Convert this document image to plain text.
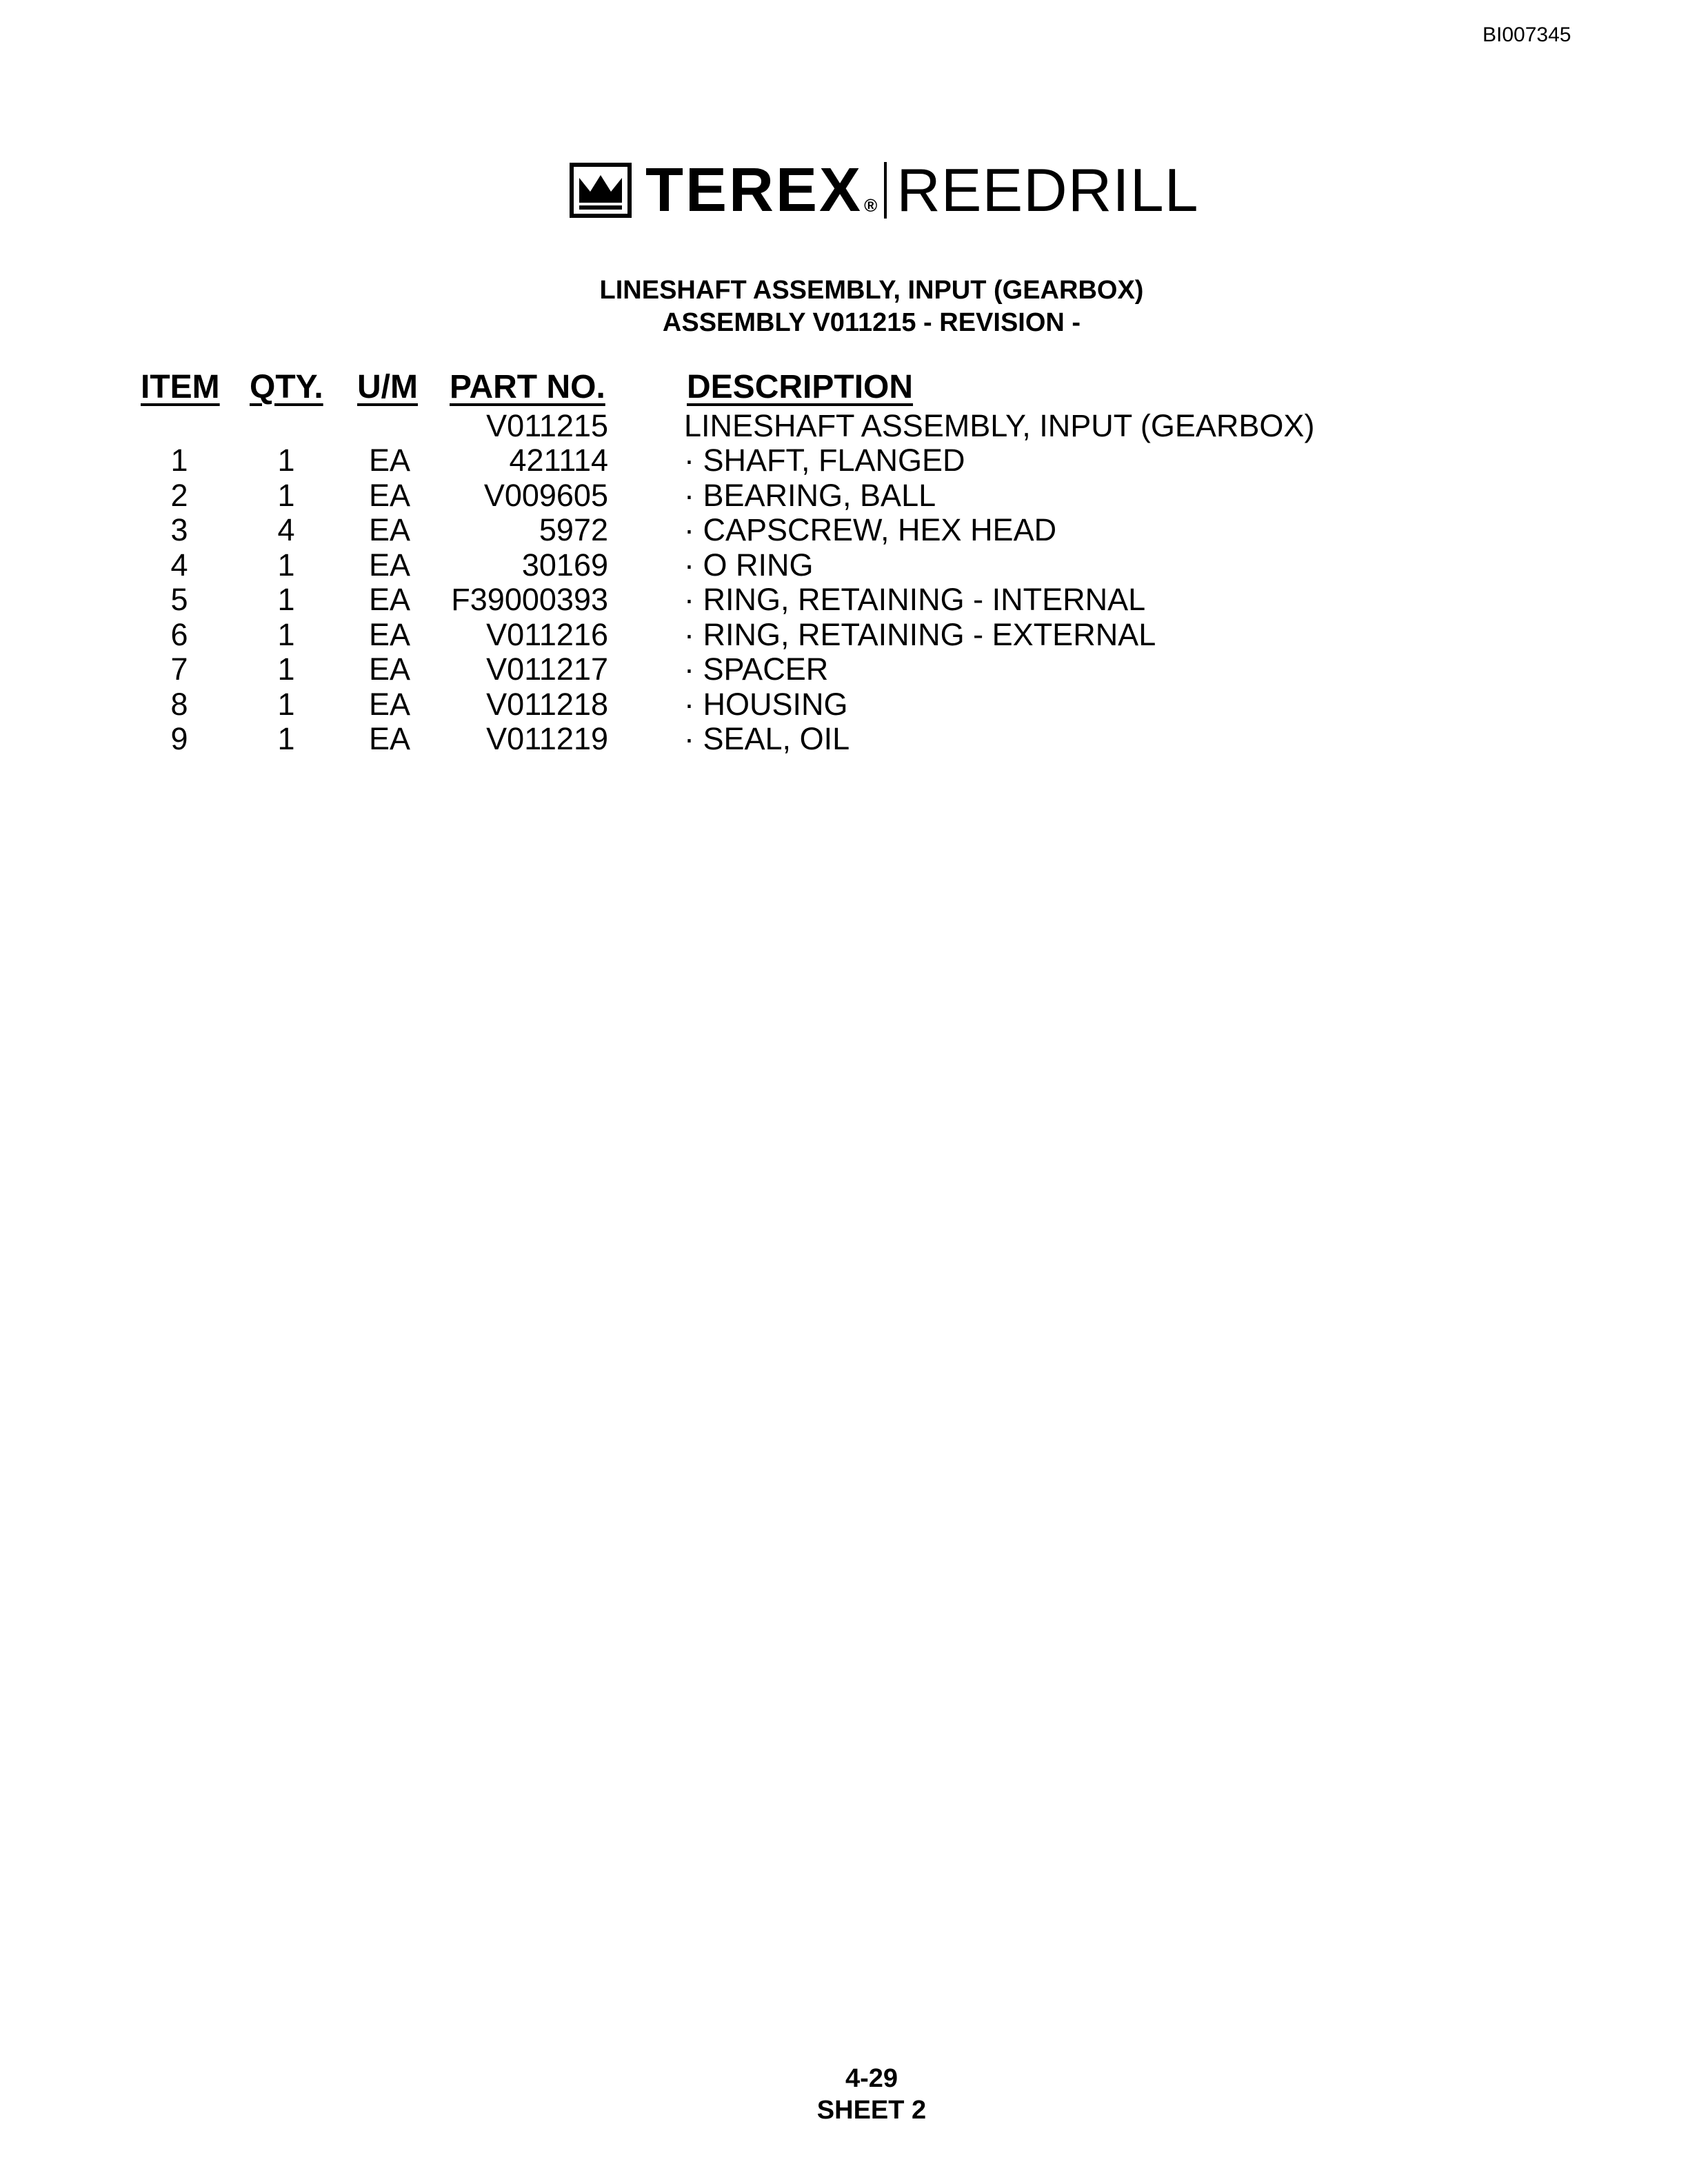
BI007345
TEREX ® REEDRILL
LINESHAFT ASSEMBLY, INPUT (GEARBOX)
ASSEMBLY V011215 - REVISION -
ITEM QTY. U/M PART NO. DESCRIPTION
V011215 LINESHAFT ASSEMBLY, INPUT (GEARBOX)
1	1	EA	421114 · SHAFT, FLANGED
2	1	EA	V009605 · BEARING, BALL
3	4	EA	5972 · CAPSCREW, HEX HEAD
4	1	EA	30169 · O RING
5	1	EA	F39000393 · RING, RETAINING - INTERNAL
6	1	EA	V011216 · RING, RETAINING - EXTERNAL
7	1	EA	V011217 · SPACER
8	1	EA	V011218 · HOUSING
9	1	EA	V011219 · SEAL, OIL
4-29
SHEET 2
